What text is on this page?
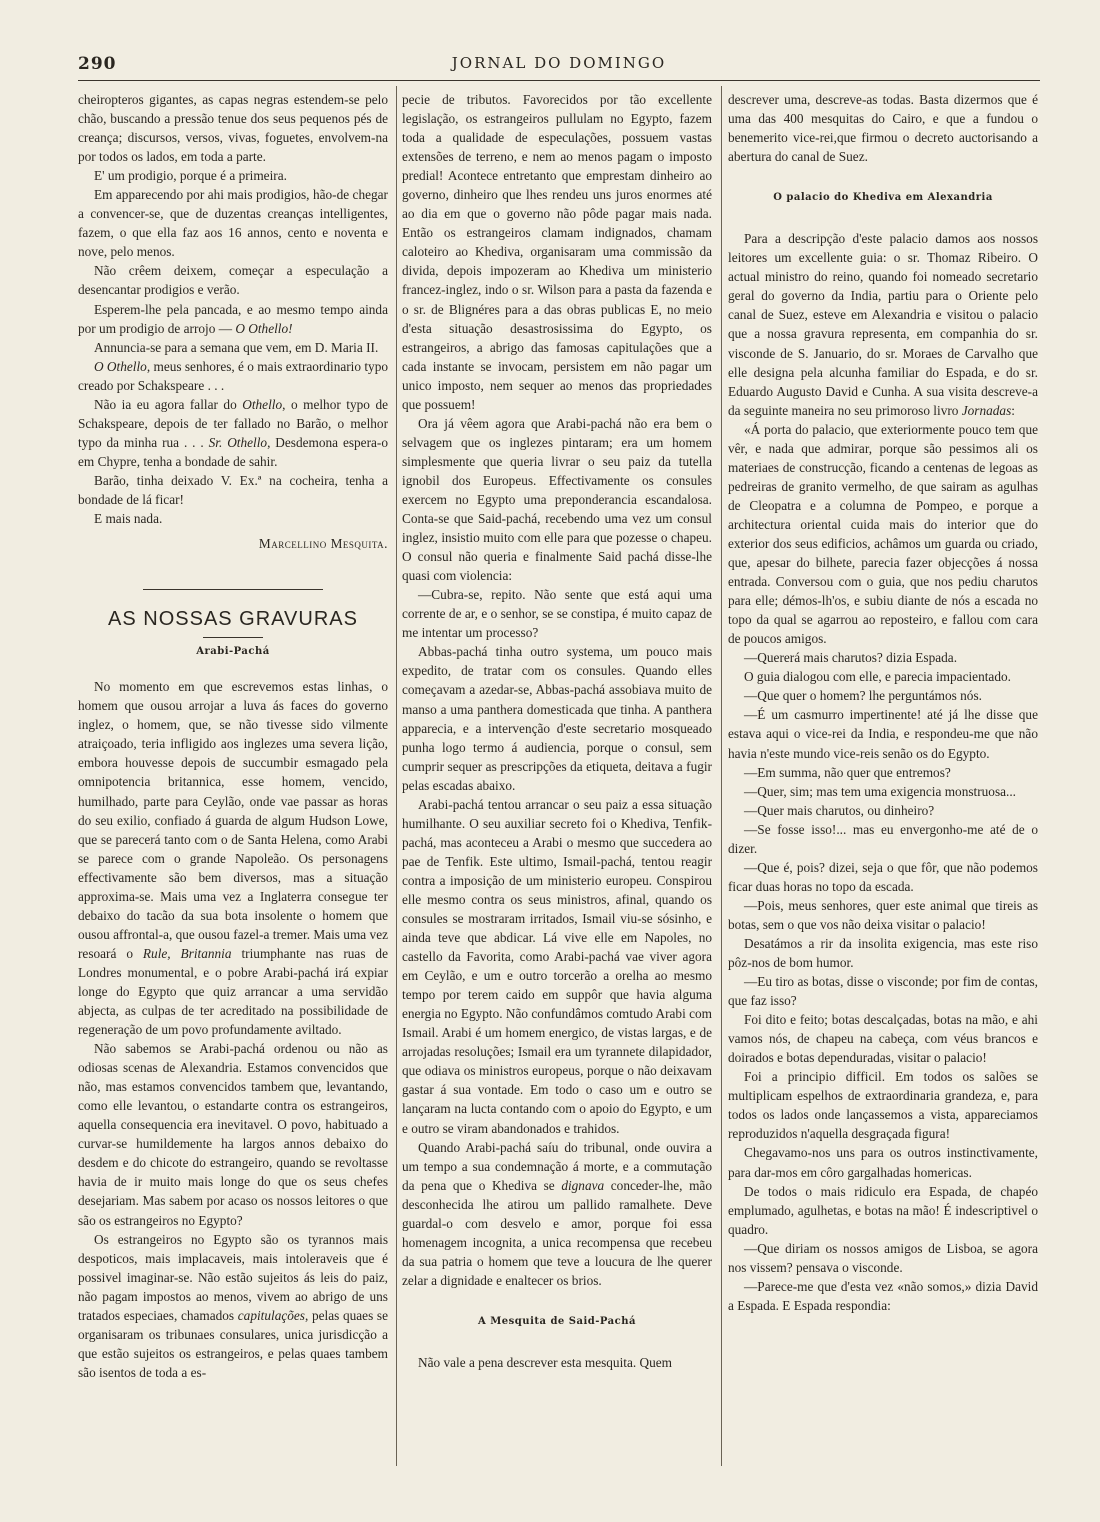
290	JORNAL DO DOMINGO

cheiropteros gigantes, as capas negras estendem-se pelo chão, buscando a pressão tenue dos seus pequenos pés de creança; discursos, versos, vivas, foguetes, envolvem-na por todos os lados, em toda a parte.

E' um prodigio, porque é a primeira.

Em apparecendo por ahi mais prodigios, hão-de chegar a convencer-se, que de duzentas creanças intelligentes, fazem, o que ella faz aos 16 annos, cento e noventa e nove, pelo menos.

Não crêem deixem, começar a especulação a desencantar prodigios e verão.

Esperem-lhe pela pancada, e ao mesmo tempo ainda por um prodigio de arrojo — O Othello!

Annuncia-se para a semana que vem, em D. Maria II.

O Othello, meus senhores, é o mais extraordinario typo creado por Schakspeare . . .

Não ia eu agora fallar do Othello, o melhor typo de Schakspeare, depois de ter fallado no Barão, o melhor typo da minha rua . . . Sr. Othello, Desdemona espera-o em Chypre, tenha a bondade de sahir.

Barão, tinha deixado V. Ex.ª na cocheira, tenha a bondade de lá ficar!

E mais nada.

Marcellino Mesquita.
AS NOSSAS GRAVURAS
Arabi-Pachá

No momento em que escrevemos estas linhas, o homem que ousou arrojar a luva ás faces do governo inglez, o homem, que, se não tivesse sido vilmente atraiçoado, teria infligido aos inglezes uma severa lição, embora houvesse depois de succumbir esmagado pela omnipotencia britannica, esse homem, vencido, humilhado, parte para Ceylão, onde vae passar as horas do seu exilio, confiado á guarda de algum Hudson Lowe, que se parecerá tanto com o de Santa Helena, como Arabi se parece com o grande Napoleão. Os personagens effectivamente são bem diversos, mas a situação approxima-se. Mais uma vez a Inglaterra consegue ter debaixo do tacão da sua bota insolente o homem que ousou affrontal-a, que ousou fazel-a tremer. Mais uma vez resoará o Rule, Britannia triumphante nas ruas de Londres monumental, e o pobre Arabi-pachá irá expiar longe do Egypto que quiz arrancar a uma servidão abjecta, as culpas de ter acreditado na possibilidade de regeneração de um povo profundamente aviltado.

Não sabemos se Arabi-pachá ordenou ou não as odiosas scenas de Alexandria. Estamos convencidos que não, mas estamos convencidos tambem que, levantando, como elle levantou, o estandarte contra os estrangeiros, aquella consequencia era inevitavel. O povo, habituado a curvar-se humildemente ha largos annos debaixo do desdem e do chicote do estrangeiro, quando se revoltasse havia de ir muito mais longe do que os seus chefes desejariam. Mas sabem por acaso os nossos leitores o que são os estrangeiros no Egypto?

Os estrangeiros no Egypto são os tyrannos mais despoticos, mais implacaveis, mais intoleraveis que é possivel imaginar-se. Não estão sujeitos ás leis do paiz, não pagam impostos ao menos, vivem ao abrigo de uns tratados especiaes, chamados capitulações, pelas quaes se organisaram os tribunaes consulares, unica jurisdicção a que estão sujeitos os estrangeiros, e pelas quaes tambem são isentos de toda a es-

pecie de tributos. Favorecidos por tão excellente legislação, os estrangeiros pullulam no Egypto, fazem toda a qualidade de especulações, possuem vastas extensões de terreno, e nem ao menos pagam o imposto predial! Acontece entretanto que emprestam dinheiro ao governo, dinheiro que lhes rendeu uns juros enormes até ao dia em que o governo não pôde pagar mais nada. Então os estrangeiros clamam indignados, chamam caloteiro ao Khediva, organisaram uma commissão da divida, depois impozeram ao Khediva um ministerio francez-inglez, indo o sr. Wilson para a pasta da fazenda e o sr. de Blignéres para a das obras publicas E, no meio d'esta situação desastrosissima do Egypto, os estrangeiros, a abrigo das famosas capitulações que a cada instante se invocam, persistem em não pagar um unico imposto, nem sequer ao menos das propriedades que possuem!

Ora já vêem agora que Arabi-pachá não era bem o selvagem que os inglezes pintaram; era um homem simplesmente que queria livrar o seu paiz da tutella ignobil dos Europeus. Effectivamente os consules exercem no Egypto uma preponderancia escandalosa. Conta-se que Said-pachá, recebendo uma vez um consul inglez, insistio muito com elle para que pozesse o chapeu. O consul não queria e finalmente Said pachá disse-lhe quasi com violencia:

—Cubra-se, repito. Não sente que está aqui uma corrente de ar, e o senhor, se se constipa, é muito capaz de me intentar um processo?

Abbas-pachá tinha outro systema, um pouco mais expedito, de tratar com os consules. Quando elles começavam a azedar-se, Abbas-pachá assobiava muito de manso a uma panthera domesticada que tinha. A panthera apparecia, e a intervenção d'este secretario mosqueado punha logo termo á audiencia, porque o consul, sem cumprir sequer as prescripções da etiqueta, deitava a fugir pelas escadas abaixo.

Arabi-pachá tentou arrancar o seu paiz a essa situação humilhante. O seu auxiliar secreto foi o Khediva, Tenfik-pachá, mas aconteceu a Arabi o mesmo que succedera ao pae de Tenfik. Este ultimo, Ismail-pachá, tentou reagir contra a imposição de um ministerio europeu. Conspirou elle mesmo contra os seus ministros, afinal, quando os consules se mostraram irritados, Ismail viu-se sósinho, e ainda teve que abdicar. Lá vive elle em Napoles, no castello da Favorita, como Arabi-pachá vae viver agora em Ceylão, e um e outro torcerão a orelha ao mesmo tempo por terem caido em suppôr que havia alguma energia no Egypto. Não confundâmos comtudo Arabi com Ismail. Arabi é um homem energico, de vistas largas, e de arrojadas resoluções; Ismail era um tyrannete dilapidador, que odiava os ministros europeus, porque o não deixavam gastar á sua vontade. Em todo o caso um e outro se lançaram na lucta contando com o apoio do Egypto, e um e outro se viram abandonados e trahidos.

Quando Arabi-pachá saíu do tribunal, onde ouvira a um tempo a sua condemnação á morte, e a commutação da pena que o Khediva se dignava conceder-lhe, mão desconhecida lhe atirou um pallido ramalhete. Deve guardal-o com desvelo e amor, porque foi essa homenagem incognita, a unica recompensa que recebeu da sua patria o homem que teve a loucura de lhe querer zelar a dignidade e enaltecer os brios.

A Mesquita de Said-Pachá

Não vale a pena descrever esta mesquita. Quem

descrever uma, descreve-as todas. Basta dizermos que é uma das 400 mesquitas do Cairo, e que a fundou o benemerito vice-rei,que firmou o decreto auctorisando a abertura do canal de Suez.

O palacio do Khediva em Alexandria

Para a descripção d'este palacio damos aos nossos leitores um excellente guia: o sr. Thomaz Ribeiro. O actual ministro do reino, quando foi nomeado secretario geral do governo da India, partiu para o Oriente pelo canal de Suez, esteve em Alexandria e visitou o palacio que a nossa gravura representa, em companhia do sr. visconde de S. Januario, do sr. Moraes de Carvalho que elle designa pela alcunha familiar do Espada, e do sr. Eduardo Augusto David e Cunha. A sua visita descreve-a da seguinte maneira no seu primoroso livro Jornadas:

«Á porta do palacio, que exteriormente pouco tem que vêr, e nada que admirar, porque são pessimos ali os materiaes de construcção, ficando a centenas de legoas as pedreiras de granito vermelho, de que sairam as agulhas de Cleopatra e a columna de Pompeo, e porque a architectura oriental cuida mais do interior que do exterior dos seus edificios, achâmos um guarda ou criado, que, apesar do bilhete, parecia fazer objecções á nossa entrada. Conversou com o guia, que nos pediu charutos para elle; démos-lh'os, e subiu diante de nós a escada no topo da qual se agarrou ao reposteiro, e fallou com cara de poucos amigos.

—Quererá mais charutos? dizia Espada.

O guia dialogou com elle, e parecia impacientado.

—Que quer o homem? lhe perguntámos nós.

—É um casmurro impertinente! até já lhe disse que estava aqui o vice-rei da India, e respondeu-me que não havia n'este mundo vice-reis senão os do Egypto.

—Em summa, não quer que entremos?

—Quer, sim; mas tem uma exigencia monstruosa...

—Quer mais charutos, ou dinheiro?

—Se fosse isso!... mas eu envergonho-me até de o dizer.

—Que é, pois? dizei, seja o que fôr, que não podemos ficar duas horas no topo da escada.

—Pois, meus senhores, quer este animal que tireis as botas, sem o que vos não deixa visitar o palacio!

Desatámos a rir da insolita exigencia, mas este riso pôz-nos de bom humor.

—Eu tiro as botas, disse o visconde; por fim de contas, que faz isso?

Foi dito e feito; botas descalçadas, botas na mão, e ahi vamos nós, de chapeu na cabeça, com véus brancos e doirados e botas dependuradas, visitar o palacio!

Foi a principio difficil. Em todos os salões se multiplicam espelhos de extraordinaria grandeza, e, para todos os lados onde lançassemos a vista, appareciamos reproduzidos n'aquella desgraçada figura!

Chegavamo-nos uns para os outros instinctivamente, para dar-mos em côro gargalhadas homericas.

De todos o mais ridiculo era Espada, de chapéo emplumado, agulhetas, e botas na mão! É indescriptivel o quadro.

—Que diriam os nossos amigos de Lisboa, se agora nos vissem? pensava o visconde.

—Parece-me que d'esta vez «não somos,» dizia David a Espada. E Espada respondia:
